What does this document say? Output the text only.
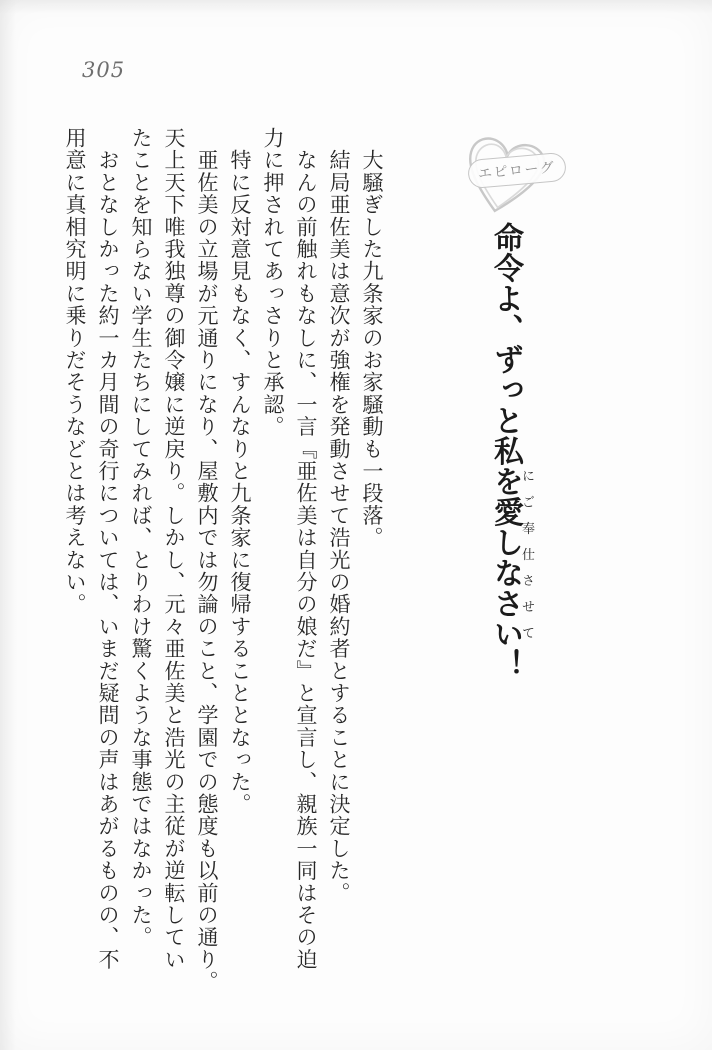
305
エピローグ
命令よ、ずっと私を愛しなさいにご奉仕させて！
　大騒ぎした九条家のお家騒動も一段落。
　結局亜佐美は意次が強権を発動させて浩光の婚約者とすることに決定した。
　なんの前触れもなしに、一言『亜佐美は自分の娘だ』と宣言し、親族一同はその迫
力に押されてあっさりと承認。
　特に反対意見もなく、すんなりと九条家に復帰することとなった。
　亜佐美の立場が元通りになり、屋敷内では勿論のこと、学園での態度も以前の通り。
天上天下唯我独尊の御令嬢に逆戻り。しかし、元々亜佐美と浩光の主従が逆転してい
たことを知らない学生たちにしてみれば、とりわけ驚くような事態ではなかった。
　おとなしかった約一カ月間の奇行については、いまだ疑問の声はあがるものの、不
用意に真相究明に乗りだそうなどとは考えない。
